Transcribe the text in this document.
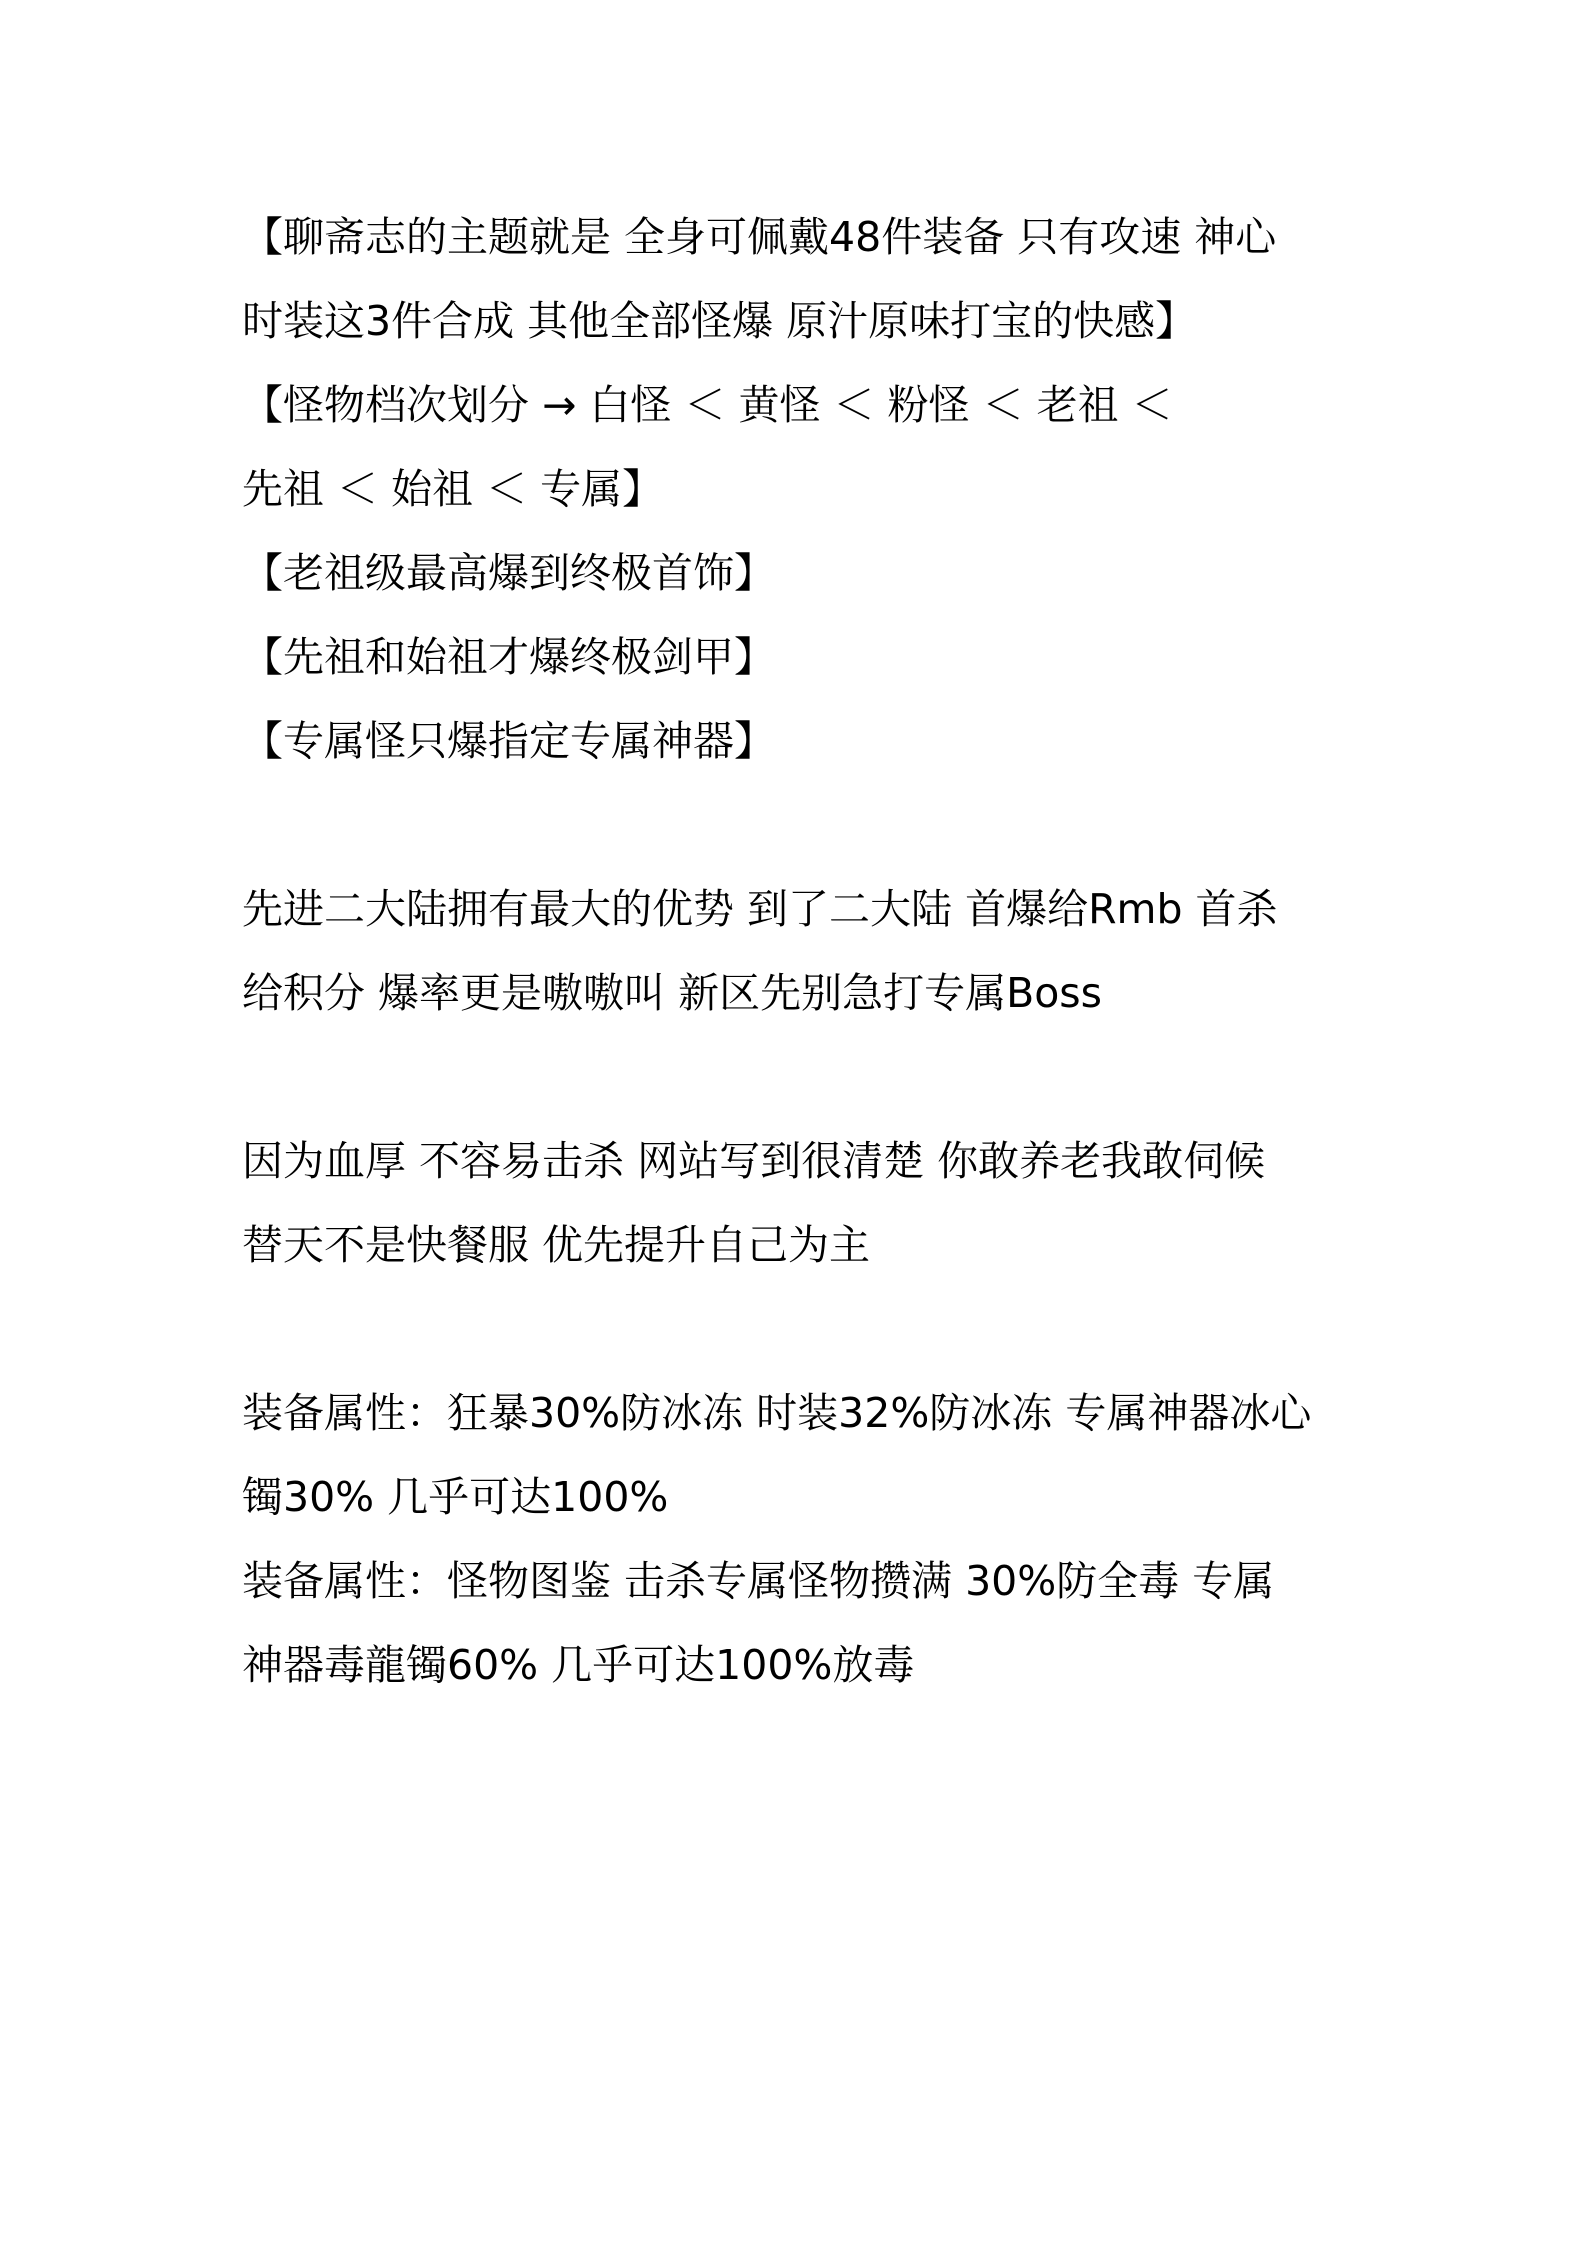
【聊斋志的主题就是 全身可佩戴48件装备 只有攻速 神心
时装这3件合成 其他全部怪爆 原汁原味打宝的快感】
【怪物档次划分 → 白怪 ＜ 黄怪 ＜ 粉怪 ＜ 老祖 ＜
先祖 ＜ 始祖 ＜ 专属】
【老祖级最高爆到终极首饰】
【先祖和始祖才爆终极剑甲】
【专属怪只爆指定专属神器】
先进二大陆拥有最大的优势 到了二大陆 首爆给Rmb 首杀
给积分 爆率更是嗷嗷叫 新区先别急打专属Boss
因为血厚 不容易击杀 网站写到很清楚 你敢养老我敢伺候
替天不是快餐服 优先提升自己为主
装备属性：狂暴30%防冰冻 时装32%防冰冻 专属神器冰心
镯30% 几乎可达100%
装备属性：怪物图鉴 击杀专属怪物攒满 30%防全毒 专属
神器毒龍镯60% 几乎可达100%放毒
